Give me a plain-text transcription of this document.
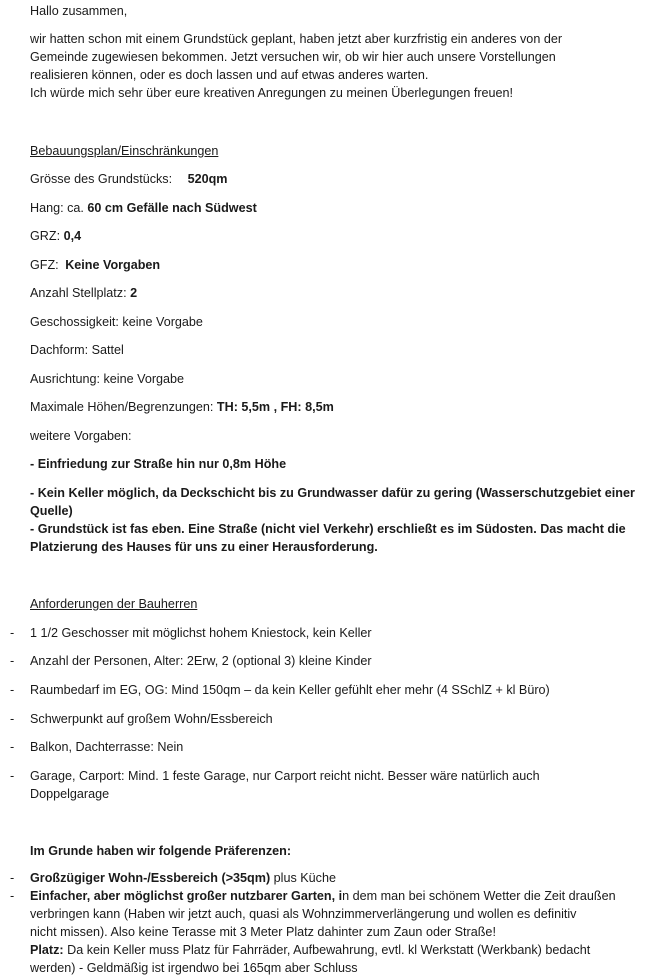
Hallo zusammen,
wir hatten schon mit einem Grundstück geplant, haben jetzt aber kurzfristig ein anderes von der
Gemeinde zugewiesen bekommen. Jetzt versuchen wir, ob wir hier auch unsere Vorstellungen
realisieren können, oder es doch lassen und auf etwas anderes warten.
Ich würde mich sehr über eure kreativen Anregungen zu meinen Überlegungen freuen!
Bebauungsplan/Einschränkungen
Grösse des Grundstücks: 520qm
Hang: ca. 60 cm Gefälle nach Südwest
GRZ: 0,4
GFZ: Keine Vorgaben
Anzahl Stellplatz: 2
Geschossigkeit: keine Vorgabe
Dachform: Sattel
Ausrichtung: keine Vorgabe
Maximale Höhen/Begrenzungen: TH: 5,5m , FH: 8,5m
weitere Vorgaben:
- Einfriedung zur Straße hin nur 0,8m Höhe
- Kein Keller möglich, da Deckschicht bis zu Grundwasser dafür zu gering (Wasserschutzgebiet einer
Quelle)
- Grundstück ist fas eben. Eine Straße (nicht viel Verkehr) erschließt es im Südosten. Das macht die
Platzierung des Hauses für uns zu einer Herausforderung.
Anforderungen der Bauherren
- 1 1/2 Geschosser mit möglichst hohem Kniestock, kein Keller
- Anzahl der Personen, Alter: 2Erw, 2 (optional 3) kleine Kinder
- Raumbedarf im EG, OG: Mind 150qm – da kein Keller gefühlt eher mehr (4 SSchlZ + kl Büro)
- Schwerpunkt auf großem Wohn/Essbereich
- Balkon, Dachterrasse: Nein
- Garage, Carport: Mind. 1 feste Garage, nur Carport reicht nicht. Besser wäre natürlich auch
Doppelgarage
Im Grunde haben wir folgende Präferenzen:
- Großzügiger Wohn-/Essbereich (>35qm) plus Küche
- Einfacher, aber möglichst großer nutzbarer Garten, in dem man bei schönem Wetter die Zeit draußen
verbringen kann (Haben wir jetzt auch, quasi als Wohnzimmerverlängerung und wollen es definitiv
nicht missen). Also keine Terasse mit 3 Meter Platz dahinter zum Zaun oder Straße!
Platz: Da kein Keller muss Platz für Fahrräder, Aufbewahrung, evtl. kl Werkstatt (Werkbank) bedacht
werden) - Geldmäßig ist irgendwo bei 165qm aber Schluss
